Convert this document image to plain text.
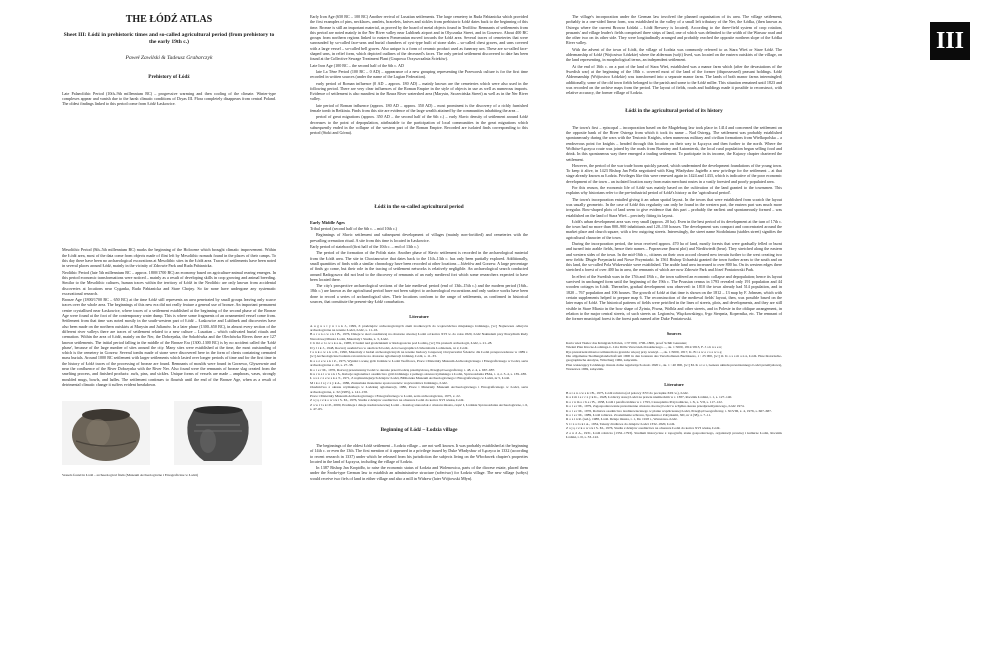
THE ŁÓDŹ ATLAS
Sheet III: Łódź in prehistoric times and so-called agricultural period (from prehistory to the early 19th c.)
Paweł Zawilski & Tadeusz Grabarczyk
Prehistory of Łódź

Late Palaeolithic Period (10th–9th millennium BC) – progressive warming and then cooling of the climate. Winter-type complexes appear and vanish due to the harsh climatic conditions of Dryas III. Flora completely disappears from central Poland. The oldest findings linked to this period come from Łódź Łaskowice.

Mesolithic Period (8th–5th millennium BC) marks the beginning of the Holocene which brought climatic improvement. Within the Łódź area, most of the data come from objects made of flint left by Mesolithic nomads found in the places of their camps. To this day there have been no archaeological excavations at Mesolithic sites in the Łódź area. Traces of settlements have been noted in several places around Łódź, mainly in the vicinity of Zdrowie Park and Ruda Pabianicka.

Neolithic Period (late 5th millennium BC – approx. 1800/1700 BC) an economy based on agriculture-animal rearing emerges. In this period economic transformations were noticed – mainly as a result of developing skills in crop growing and animal breeding. Similar to the Mesolithic cultures, human traces within the territory of Łódź in the Neolithic are only known from accidental discoveries at locations near Cyganka, Ruda Pabianicka and Stare Chojny. So far none have undergone any systematic excavational research.

Bronze Age (1800/1700 BC – 650 BC) at the time Łódź still represents an area penetrated by small groups leaving only scarce traces over the whole area. The beginnings of this new era did not really feature a general use of bronze. An important permanent centre crystallised near Łaskowice, where traces of a settlement established at the beginning of the second phase of the Bronze Age were found at the foot of the contemporary water dump. This is where some fragments of an ornamented vessel come from. Settlement from that time was noted mostly in the south-western part of Łódź – Łaskowice and Lublinek and discoveries have also been made on the northern outskirts at Marysin and Julianów. In a later phase (1300–650 BC), in almost every section of the different river valleys there are traces of settlement related to a new culture – Lusatian – which cultivated burial rituals and cremation. Within the area of Łódź, mainly on the Ner, the Dobrzynka, the Sokołówka and the Olechówka Rivers there are 127 known settlements. The initial period falling in the middle of the Bronze Era (1300–1300 BC) is by no accident called the 'Łódź phase', because of the large number of sites around the city. Many sites were established at the time, the most outstanding of which is the cemetery in Gorzew. Several tombs made of stone were discovered here in the form of chests containing cremated mass burials. Around 1000 BC settlement with larger settlements which lasted over longer periods of time and for the first time in the history of Łódź traces of the processing of bronze are found. Remnants of moulds were found in Gorzewo, Głyszewnie and near the confluence of the River Dobrzynka with the River Ner. Also found were the remnants of bronze slag created from the smelting process, and finished products: awls, pins, and sickles. Unique forms of vessels are made – amphoras, vases, strongly moulded mugs, bowls, and ladles. The settlement continues to flourish until the end of the Bronze Age, when as a result of detrimental climatic change it suffers evident breakdown.

Vessels found in Łódź – archaeological finds (Muzeum Archeologiczne i Etnograficzne w Łodzi)

Early Iron Age (650 BC – 100 BC) Another revival of Lusatian settlements. The large cemetery in Ruda Pabianicka which provided the first examples of pins, necklaces, armlets, bracelets, knives and sickles from prehistoric Łódź dates back to the beginning of this time. Bronze is still an important material, as proved by the hoard of metal objects found in Teofilów. Remnants of settlements from this period are noted mainly in the Ner River valley near Lublinek airport and in Olyczaska Street, and in Gorzewo. About 400 BC groups from northern regions linked to eastern Pomeranian moved towards the Łódź area. Several traces of cemeteries that were surrounded by so-called face-urns and burial chambers of cyst-type built of stone slabs – so-called chest graves, and urns covered with a large vessel – so-called bell graves. Also unique is a form of ceramic product used as funerary urn. These are so-called face-shaped urns, in relief form, which depicted outlines of the deceased's faces. The only period settlement discovered to date has been found at the Collective Sewage Treatment Plant (Grupowa Oczyszczalnia Ścieków).

Late Iron Age (100 BC – the second half of the 6th c. AD

late La Tène Period (100 BC – 0 AD) – appearance of a new grouping representing the Przeworsk culture is for the first time recorded in written sources (under the name of the Lugian Federation).

early period of Roman influence (0 AD – approx. 180 AD) – mainly known are the cemeteries which were also used in the following period. There are very clear influences of the Roman Empire in the style of objects in use as well as numerous imports. Evidence of settlement is also manifest in the Bzura River watershed area (Marysin, Szczecińska Street) as well as in the Ner River valley.

late period of Roman influence (approx. 180 AD – approx. 350 AD) – most prominent is the discovery of a richly furnished female tomb in Retkinia. Finds from this site are evidence of the large wealth attained by the communities inhabiting the area…

period of great migrations (approx. 350 AD – the second half of the 6th c.) – early Slavic density of settlement around Łódź decreases to the point of depopulation, attributable to the participation of local communities in the great migrations which subsequently ended in the collapse of the western part of the Roman Empire. Recorded are isolated finds corresponding to this period (Stoki and Górna).

Łódź in the so-called agricultural period
Early Middle Ages

Tribal period (second half of the 6th c. – mid 10th c.)

Beginnings of Slavic settlement and subsequent development of villages (mainly non-fortified) and cemeteries with the prevailing cremation ritual. A site from this time is located in Łaskowice.

Early period of statehood (first half of the 10th c. – end of 13th c.)

The period of the formation of the Polish state. Another phase of Slavic settlement is recorded in the archaeological material from the Łódź area. The site in Chocianowice that dates back to the 11th–13th c. has only been partially explored. Additionally, small quantities of finds with a similar chronology have been recorded at other locations – Jóźefów and Gorzew. A large percentage of finds go come, but their role in the tracing of settlement networks is relatively negligible. An archaeological search conducted around Radogoszcz did not lead to the discovery of remnants of an early medieval fort which some researchers expected to have been located there.

The city's prospective archaeological sections of the late medieval period (end of 13th–15th c.) and the modern period (16th–18th c.) are known as the agricultural period have not been subject to archaeological excavations and only surface works have been done to record a series of archaeological sites. Their locations conform to the range of settlements, as confirmed in historical sources, that constitute the present-day Łódź conurbation.

Literature

A u g u s t y n i a k J., 1999, Z pradziejów archeologicznych ziem środkowych do województwa miejskiego łódzkiego, [w:] Najnowsze odkrycia archeologiczne na terenie Łodzi, Łódź, s. 11–16.

B a r a n o w s k i B., 1976, Dzieje w sieci osadniczej na obszarze obecnej Łodzi od końca XVI w. do roku 1820, Łódź Nakładem przy Prezydium Rady Narodowej Miasta Łodzi, Materiały i Studia, z. 3, Łódź.

C h m i e l o w s k a A., 1988, Z badań nad grodziskiem w Radogoszczu pod Łodzią, [w:] Na pranach archeologii, Łódź, s. 21–28.

D y l i k J., 1948, Rozwój osadnictwa w okolicach Łodzi, Acta Geographica Universitatis Lodziensis, nr 2, Łódź.

J a n k o w s k a D., 1990, Materiały z badań archeologicznych na terenie budowy Grupowej Oczyszczalni Ścieków dla Łodzi przeprowadzone w 1989 r. [w:] Archeologiczne badania ratownicze na obszarze aglomeracji łódzkiej, Łódź, s. 11–33.

K a s z e w s k i Z., 1975, Wyniki i ocenę grób łódzkie w Łodzi Teofilowa, Prace i Materiały Muzeum Archeologicznego i Etnograficznego w Łodzi, seria archeologiczna z. 20, s. 27–38.

K o t e r M., 1976, Rozwój przestrzenny Łodzi w okresie przed Łodzią przemysłową, Przegląd Geograficzny, t. 48, z. 4, s. 667–687.

K u r n a t o w s k i S., Relacje regionalne i osadnictwo grób łódzkiego z pełnego okresu rzymskiego z Łodzi, Sprawozdania PMA, t. 4, z. 3–4, s. 139–188.

Ł a s z c z e w s k a T., 1971, Z najdawniejszych dziejów Łodzi, Biblioteka Muzeum Archeologicznego i Etnograficznego w Łodzi, nr 5, Łódź.

M i k o ł a j c z y k A., 1986, Znaleziska monetarne spoza terenów województwa łódzkiego, Łódź.

Osadnictwo z okresu rzymskiego w Łodzkiej aglomeracji, 1980, Prace i Materiały Muzeum Archeologicznego i Etnograficznego w Łodzi, seria archeologiczna, z. 32 (1985), s. 141–158.

Prace i Materiały Muzeum Archeologicznego i Etnograficznego w Łodzi, seria archeologiczna, 1975, z. 22.

Z a j ą c z k o w s k i S. M., 1976, Studia z dziejów osadnictwa na obszarze Łodzi do końca XVI wieku, Łódź.

Z a w i l s k i P., 2000, Pradzieje i dzieje średniowiecznej Łodzi – Katalog stanowisk z obszaru miasta, część I, Łódzkie Sprawozdania Archeologiczne, t. 6, s. 47–65.

Beginning of Łódź – Łodzia village

The beginnings of the oldest Łódź settlement – Łodzia village – are not well known. It was probably established at the beginning of 14th c. or even the 13th. The first mention of it appeared in a privilege issued by Duke Władysław of Łęczyca in 1332 (according to recent research in 1337) under which he released from his jurisdiction the subjects living on the Włocławek chapter's properties located in the land of Łęczyca, including the village of Łodzia.

In 1387 Bishop Jan Kropidło, to raise the economic status of Łodzia and Wolenowica, parts of the diocese estate, placed them under the Środa-type German law to establish an administrative structure (sołectwo) for Łodzia village. The new village (sołtys) would receive two fiefs of land in either village and also a mill in Widzew (later Wójtowski Młyn).

The village's incorporation under the German law involved the planned organisation of its area. The village settlement, probably in a one-sided linear form, was established in the valley of a small left tributary of the Ner, the Łódka, (then known as Ostrega where the current Browar Łódzki – Łódź Brewery is located). According to the three-field system of crop rotation, peasants' and village leader's fields comprised three strips of land, one of which was delimited to the width of the Warsaw road and the other two on its other side. They were longitudinally arranged and probably reached the opposite northern slope of the Łódka River valley.

With the advent of the town of Łódź, the village of Łodzia was commonly referred to as Stara Wieś or Stare Łódź. The aldermanship of Łódź (Wojtostwo Łódzkie) where the alderman (wójt) lived, was located on the eastern outskirts of the village, on the land representing, in morphological terms, an independent settlement.

At the end of 16th c. on a part of the land of Stara Wieś, established was a manor farm which (after the devastations of the Swedish war) at the beginning of the 18th c. covered most of the land of the former (dispossessed) peasant holdings. Łódź Aldermanship (Wójtostwo Łódzkie) was transformed into a separate manor farm. The lands of both manor farms intermingled; additionally, some of the old town fields belonged to the parish and some to the Łódź miller. This situation remained until 1823 and was recorded on the archive maps from the period. The layout of fields, roads and buildings made it possible to reconstruct, with relative accuracy, the former village of Łodzia.

Łódź in the agricultural period of its history

The town's first – episcopal – incorporation based on the Magdeburg law took place in 1414 and concerned the settlement on the opposite bank of the River Ostrega from which it took its name – Nad Ostregą. The settlement was probably established spontaneously during the wars with the Teutonic Knights, when numerous military and civilian formations from Wielkopolska – a rendezvous point for knights – headed through this location on their way to Łęczyca and then further to the north. Where the Wolbórz-Łęczyca route was joined by the roads from Brzeziny and Łutomiersk, the local rural population began selling food and drink. In this spontaneous way there emerged a trading settlement. To participate in its income, the Kujawy chapter chartered the settlement.

However, the period of the war trade boom quickly passed, which undermined the development foundations of the young town. To keep it alive, in 1423 Bishop Jan Pella negotiated with King Władysław Jagiełło a new privilege for the settlement – at that stage already known as Łodzia. Privileges like this were renewed again in 1424 and 1433, which is indicative of the poor economic development of the town – an isolated location away from main merchant routes in a vastly forested and poorly populated area.

For this reason, the economic life of Łódź was mainly based on the cultivation of the land granted to the townsmen. This explains why historians refer to the pre-industrial period of Łódź's history as the 'agricultural period'.

The town's incorporation entailed giving it an urban spatial layout. In the towns that were established from scratch the layout was usually geometric. In the case of Łódź this regularity can only be found in the western part, the eastern part was much more irregular. Bow-shaped plots of land seem to give evidence that this part – probably the earliest and spontaneously formed – was established on the land of Stara Wieś – precisely fitting its layout.

Łódź's urban development area was very small (approx. 20 ha). Even in the best period of its development at the turn of 17th c. the town had no more than 800–900 inhabitants and 120–150 houses. The development was compact and concentrated around the market place and church square, with a few outgoing streets. Interestingly, the street name Stodolniana (stables street) signifies the agricultural character of the town.

During the incorporation period, the town received approx. 470 ha of land, mostly forests that were gradually felled or burnt and turned into arable fields, hence their names – Poprzeczne (burnt plot) and Niedźwiedź (bear). They stretched along the eastern and western sides of the town. In the mid-16th c., citizens on their own accord cleared new terrain further to the west creating two new fields: Długie Przymiarki and Nowe Przymiarki. In 1561 Bishop Uchański granted the town further areas to the south and on this land, the so-called Pola Widzewskie were established. The arable land area increased to over 800 ha. On its western edges there stretched a forest of over 400 ha in area, the remnants of which are now Zdrowie Park and Józef Poniatowski Park.

In effect of the Swedish wars in the 17th and 18th c., the town suffered an economic collapse and depopulation; hence its layout survived in unchanged form until the beginning of the 19th c. The Prussian census in 1793 revealed only 191 population and 44 wooden cottages in Łódź. Thereafter, gradual development was observed: in 1810 the town already had 514 population, and in 1820 – 767 population and 106 houses. The growth of Łódź at that time is shown on the 1812 – 13 map by F. Johnsen, which with certain supplements helped to prepare map 6. The reconstruction of the medieval fields' layout, then, was possible based on the later maps of Łódź. The historical patterns of fields were petrified in the lines of streets, plots, and developments, and they are still visible in Stare Miasto in the bow shape of Żytnia, Piwna, Wolbla and other streets, and in Polesie in the oblique arrangement, in relation to the major central streets, of such streets as: Legionów, Więckowskiego, 6-go Sierpnia, Kopernika, etc. The remnant of the former municipal forest is the forest park named after Duke Poniatowski.

Sources

Karta wieś Tkalec das Königreich Polen, 1:37 000, 1796–1800, proof Schilt Gaussien;

Wieleń Plan Klocze-Łodzinga-L. Lila Dölle Varsovień-Ił nakłuczego…, ok. 1 5000, 1812/1813, F. J o h n s e n;

Rys przestrzeni miasta rozmiarem na granicie więcej przy rewizyi…, ok. 1:5000, 1817, K. B r a w e c s a w s ą;

Die allgemeine Siedlungslandschaft um 1900 in den Grenzen des Verschollenen Bezirkszes, 1 : 25 000, [w:] O. K o s s m a n n, Łódź. Eine historische-geographische Analyse, Würzburg 1966, załącznik.

Plan wskazujący Łódzkiego ślassia dolne regularnych około 1820 r., ok. 1 : 40 000, [w:] M. K o t e r, Geneza układu przestrzennego Łodzi przemysłowej, Warszawa 1969, załącznik.

Literature

B a r a n o w s k i B., 1975, Łódź rolnicza (od połowy XVI do początku XIX w.), Łódź.

K a ź m i e r c z y k K., 1928, Łódzczy starej Łodzi na prawie niemieckim w r. 1387, Rocznik Łódzki, t. 1, s. 127–140.

K o r n m a c h e r B., 1938, Łódź i parafia łódzka w r. 1793, Czasopismo Przyrodnicze, r. X, z. VII, s. 117–122.

K o t e r M., 1979, Zagospodarowanie przestrzenne obszaru obecnej Łodzi w schyłku okresu przedprzemysłowego, Łódź 1974.

K o t e r M., 1976, Rolnicze osadnictwo średniowiecznego w planie współczesnej Łodzi, Przegląd Geograficzny, t. XLVIII, z. 4, 1976, s. 667–687.

K o t e r M., 1989, Łódź rolnicza. Zrozumienie schronu, Spotkania z Zabytkami, XII, nr 4 (38), s. 7–11.

R o s i n R. (red.), 1988, Łódź. Dzieje miasta, t. 1, Do 1918 r., Warszawa–Łódź.

S t r z a ł s k i A., 1934, Tekuty źródłowe do dziejów Łodzi 1332–1820, Łódź.

Z a j ą c z k o w s k i S. M., 1976, Studia z dziejów osadnictwa na obszarze Łodzi do końca XVI wieku, Łódź.

Z e n d A., 1931, Łódź rolnicza (1332–1793). Studium historyczne z topografii, stanu gospodarczego, organizacji prawnej i kulturze Łodzi, Rocznik Łódzki, t. II, s. 33–122.

III
